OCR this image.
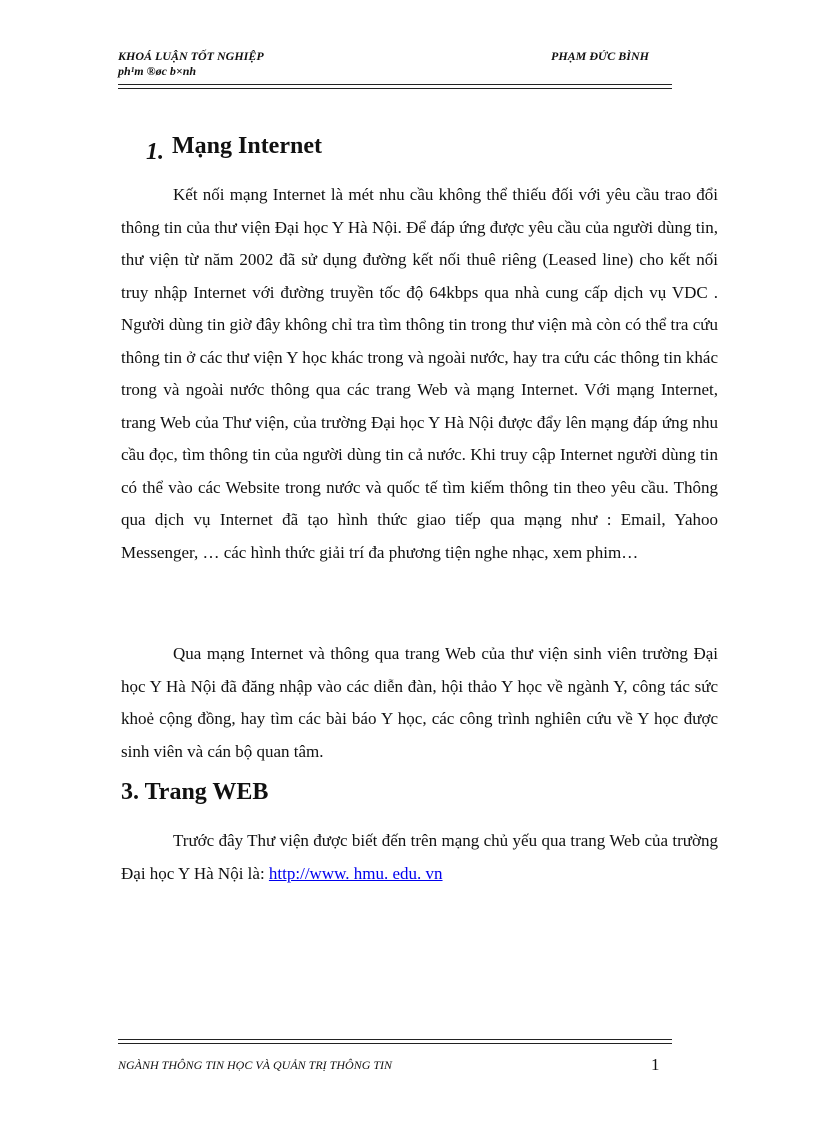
KHOÁ LUẬN TỐT NGHIỆP
ph¹m ®øc b×nh
PHẠM ĐỨC BÌNH
1. Mạng Internet

Kết nối mạng Internet là mét nhu cầu không thể thiếu đối với yêu cầu trao đổi thông tin của thư viện Đại học Y Hà Nội. Để đáp ứng được yêu cầu của người dùng tin, thư viện từ năm 2002 đã sử dụng đường kết nối thuê riêng (Leased line) cho kết nối truy nhập Internet với đường truyền tốc độ 64kbps qua nhà cung cấp dịch vụ VDC . Người dùng tin giờ đây không chỉ tra tìm thông tin trong thư viện mà còn có thể tra cứu thông tin ở các thư viện Y học khác trong và ngoài nước, hay tra cứu các thông tin khác trong và ngoài nước thông qua các trang Web và mạng Internet. Với mạng Internet, trang Web của Thư viện, của trường Đại học Y Hà Nội được đẩy lên mạng đáp ứng nhu cầu đọc, tìm thông tin của người dùng tin cả nước. Khi truy cập Internet người dùng tin có thể vào các Website trong nước và quốc tế tìm kiếm thông tin theo yêu cầu. Thông qua dịch vụ Internet đã tạo hình thức giao tiếp qua mạng như : Email, Yahoo Messenger, … các hình thức giải trí đa phương tiện nghe nhạc, xem phim…

Qua mạng Internet và thông qua trang Web của thư viện sinh viên trường Đại học Y Hà Nội đã đăng nhập vào các diễn đàn, hội thảo Y học về ngành Y, công tác sức khoẻ cộng đồng, hay tìm các bài báo Y học, các công trình nghiên cứu về Y học được sinh viên và cán bộ quan tâm.

3. Trang WEB

Trước đây Thư viện được biết đến trên mạng chủ yếu qua trang Web của trường Đại học Y Hà Nội là: http://www. hmu. edu. vn

NGÀNH THÔNG TIN HỌC VÀ QUẢN TRỊ THÔNG TIN	1
